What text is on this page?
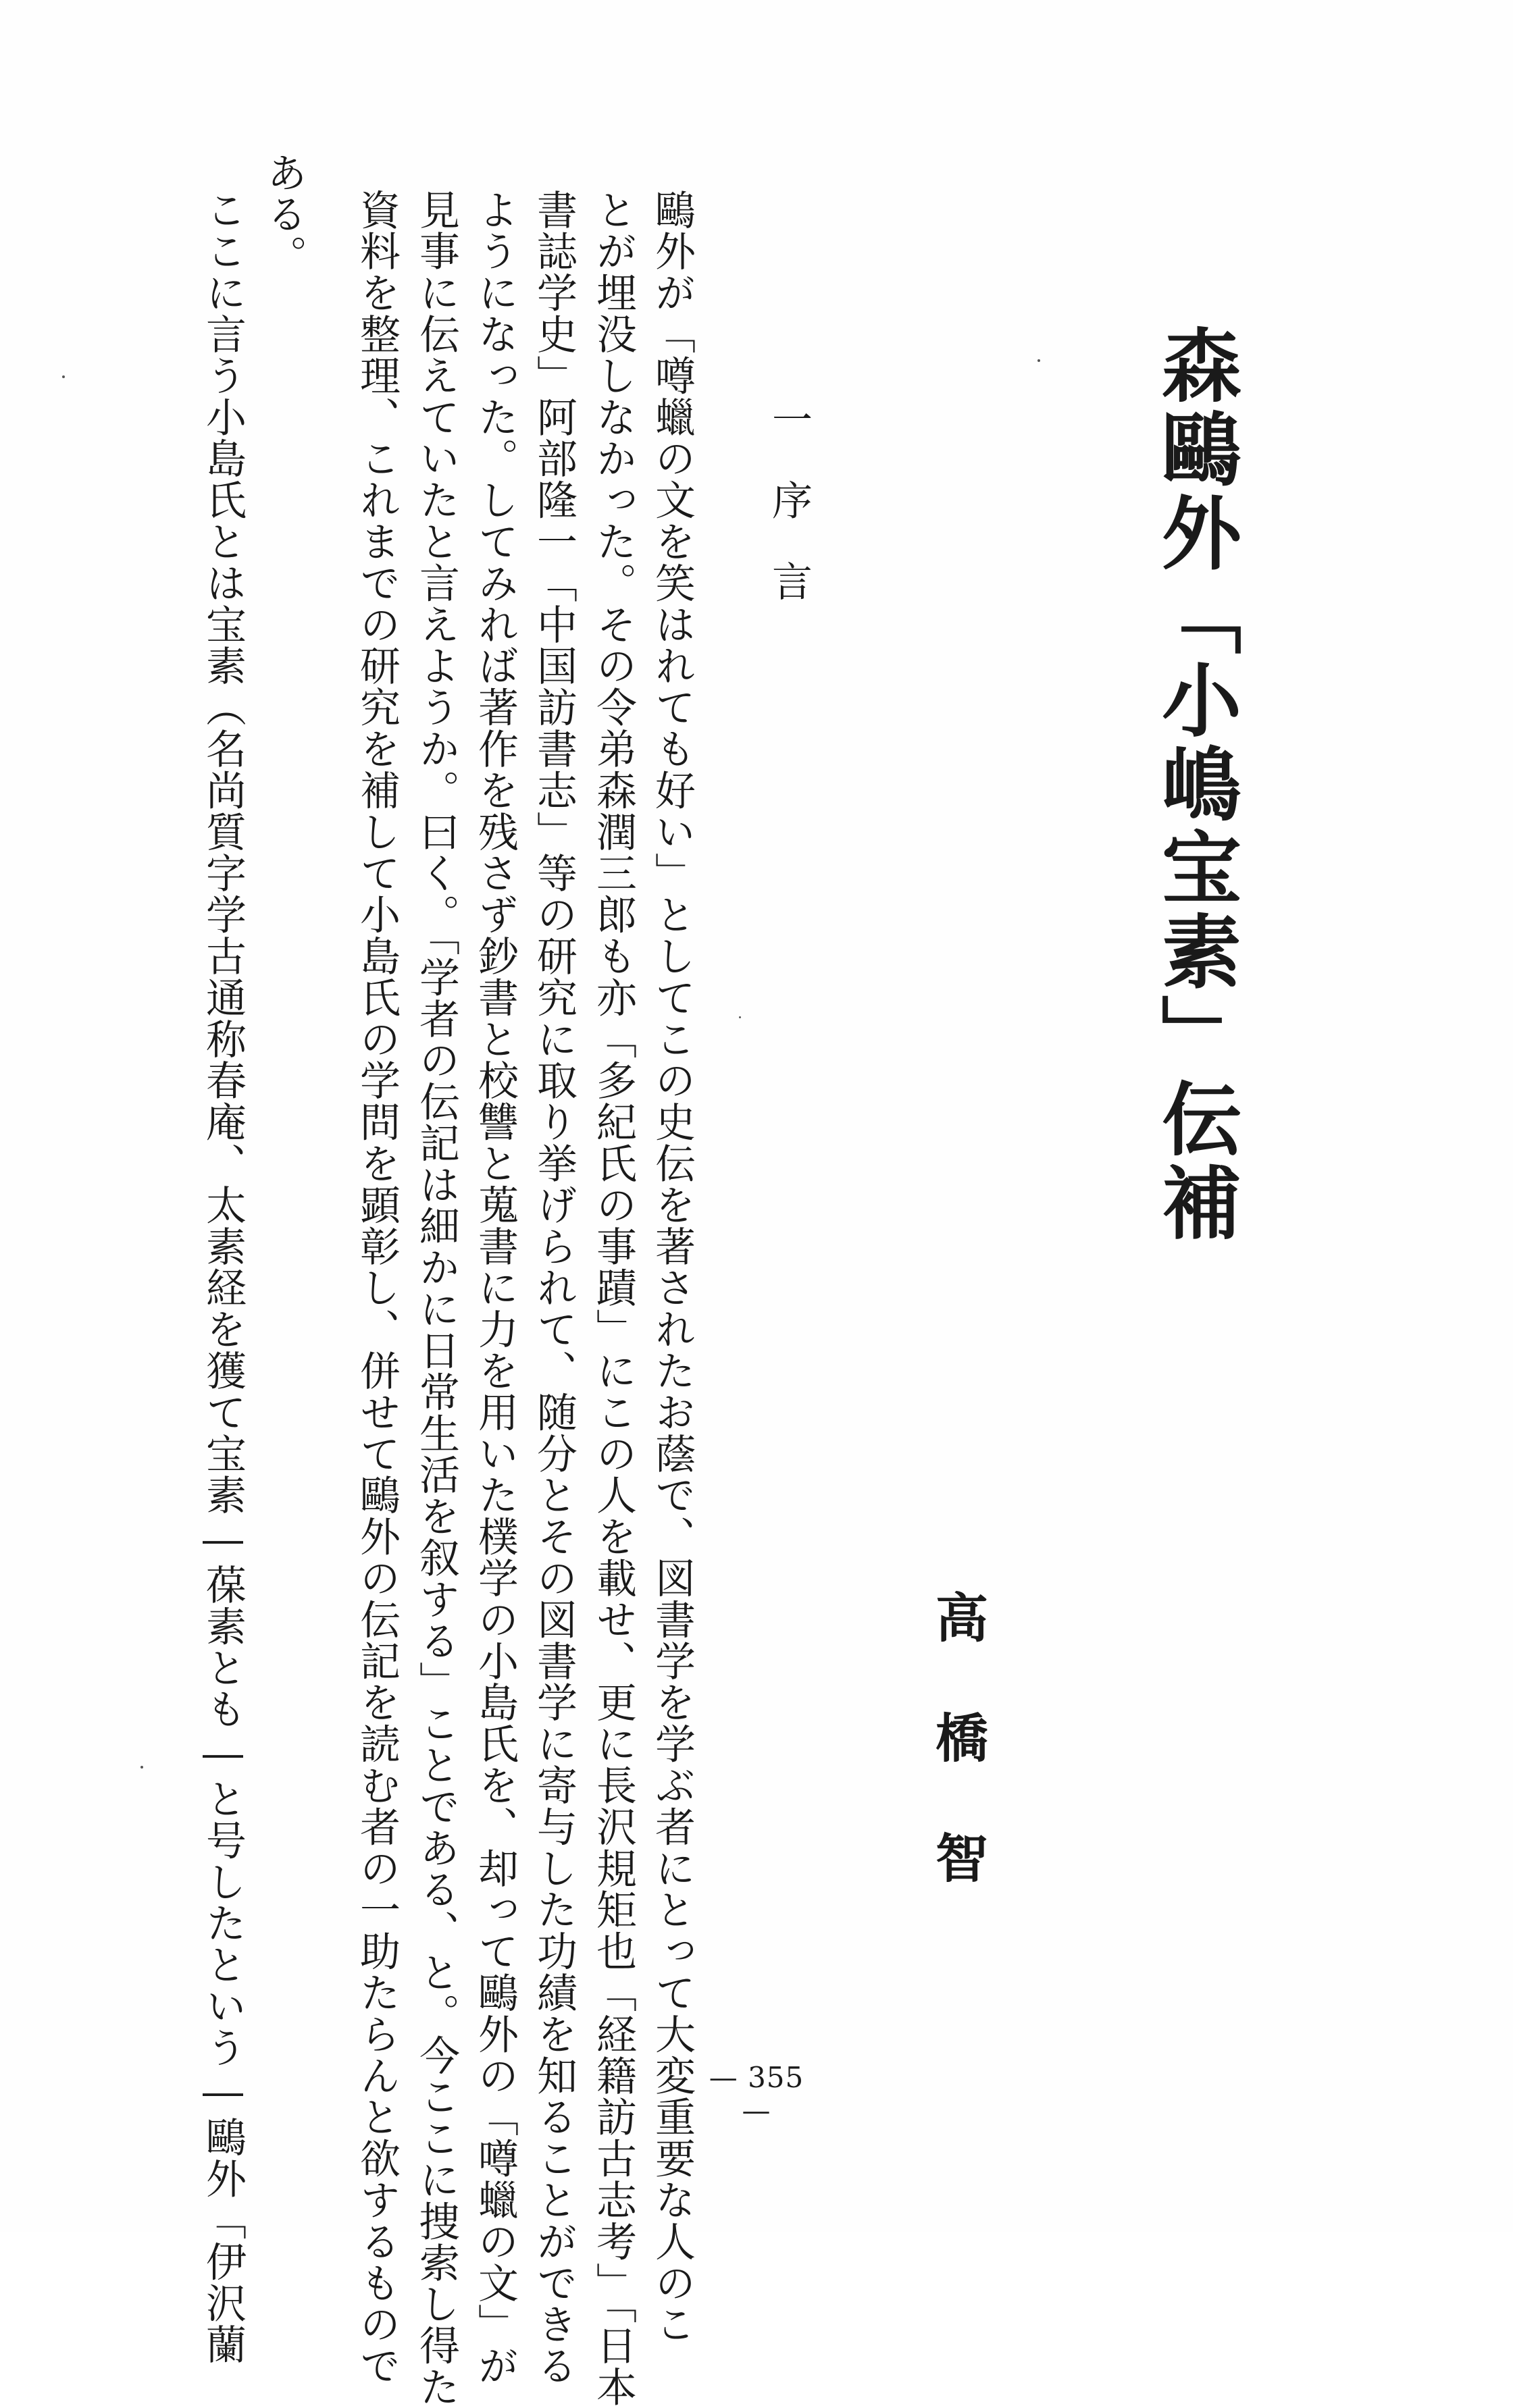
森鷗外「小嶋宝素」伝補
高橋智
一序言
鷗外が「噂蠟の文を笑はれても好い」としてこの史伝を著されたお蔭で、図書学を学ぶ者にとって大変重要な人のこ
とが埋没しなかった。その令弟森潤三郎も亦「多紀氏の事蹟」にこの人を載せ、更に長沢規矩也「経籍訪古志考」「日本
書誌学史」阿部隆一「中国訪書志」等の研究に取り挙げられて、随分とその図書学に寄与した功績を知ることができる
ようになった。してみれば著作を残さず鈔書と校讐と蒐書に力を用いた樸学の小島氏を、却って鷗外の「噂蠟の文」が
見事に伝えていたと言えようか。曰く。「学者の伝記は細かに日常生活を叙する」ことである、と。今ここに捜索し得た
資料を整理、これまでの研究を補して小島氏の学問を顕彰し、併せて鷗外の伝記を読む者の一助たらんと欲するもので
ある。
ここに言う小島氏とは宝素（名尚質字学古通称春庵、太素経を獲て宝素―葆素とも―と号したという―鷗外「伊沢蘭	— 355 —
